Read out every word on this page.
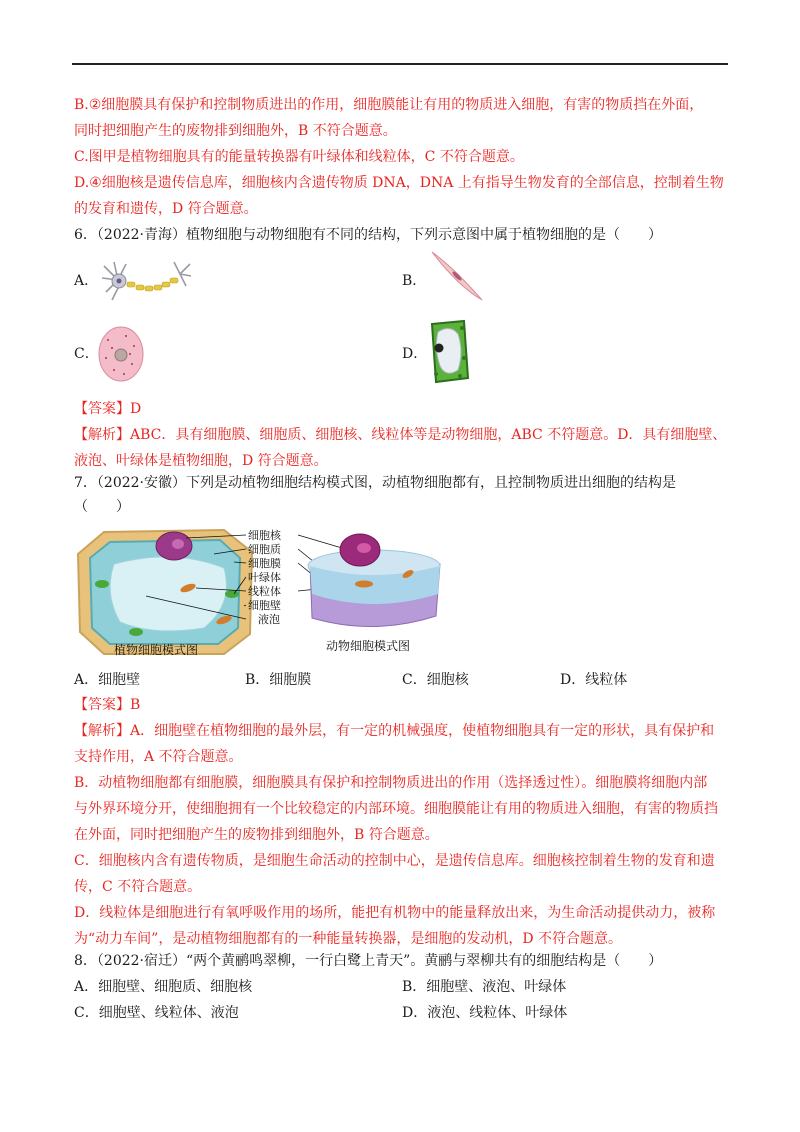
B.②细胞膜具有保护和控制物质进出的作用，细胞膜能让有用的物质进入细胞，有害的物质挡在外面，
同时把细胞产生的废物排到细胞外，B 不符合题意。
C.图甲是植物细胞具有的能量转换器有叶绿体和线粒体，C 不符合题意。
D.④细胞核是遗传信息库，细胞核内含遗传物质 DNA，DNA 上有指导生物发育的全部信息，控制着生物
的发育和遗传，D 符合题意。
6．（2022·青海）植物细胞与动物细胞有不同的结构，下列示意图中属于植物细胞的是（　　）
A．	B．
C．	D．
【答案】D
【解析】ABC．具有细胞膜、细胞质、细胞核、线粒体等是动物细胞，ABC 不符题意。D．具有细胞壁、
液泡、叶绿体是植物细胞，D 符合题意。
7．（2022·安徽）下列是动植物细胞结构模式图，动植物细胞都有，且控制物质进出细胞的结构是
（　　）
细胞核
细胞质
细胞膜
叶绿体
线粒体
细胞壁
液泡
植物细胞模式图	动物细胞模式图
A．细胞壁	B．细胞膜	C．细胞核	D．线粒体
【答案】B
【解析】A．细胞壁在植物细胞的最外层，有一定的机械强度，使植物细胞具有一定的形状，具有保护和
支持作用，A 不符合题意。
B．动植物细胞都有细胞膜，细胞膜具有保护和控制物质进出的作用（选择透过性）。细胞膜将细胞内部
与外界环境分开，使细胞拥有一个比较稳定的内部环境。细胞膜能让有用的物质进入细胞，有害的物质挡
在外面，同时把细胞产生的废物排到细胞外，B 符合题意。
C．细胞核内含有遗传物质，是细胞生命活动的控制中心，是遗传信息库。细胞核控制着生物的发育和遗
传，C 不符合题意。
D．线粒体是细胞进行有氧呼吸作用的场所，能把有机物中的能量释放出来，为生命活动提供动力，被称
为“动力车间”，是动植物细胞都有的一种能量转换器，是细胞的发动机，D 不符合题意。
8．（2022·宿迁）“两个黄鹂鸣翠柳，一行白鹭上青天”。黄鹂与翠柳共有的细胞结构是（　　）
A．细胞壁、细胞质、细胞核	B．细胞壁、液泡、叶绿体
C．细胞壁、线粒体、液泡	D．液泡、线粒体、叶绿体
